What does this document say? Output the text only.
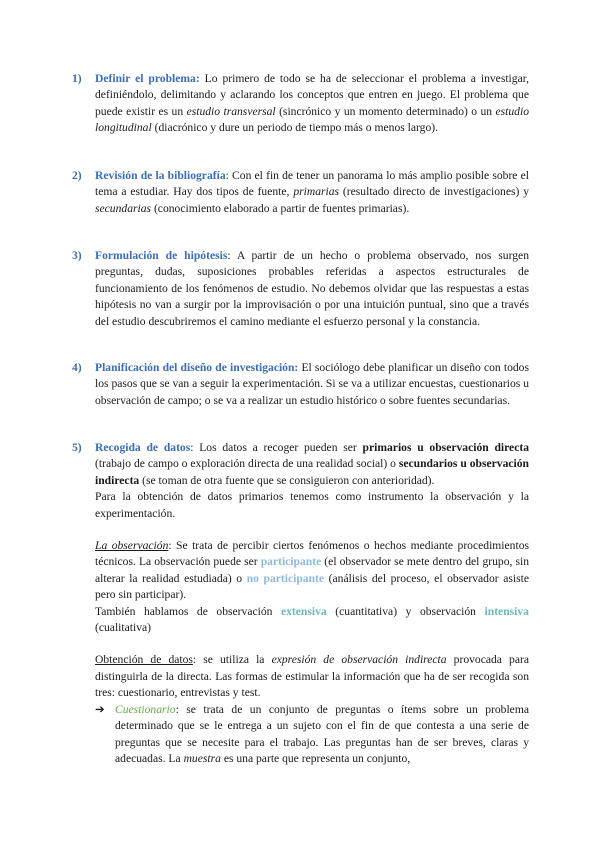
1) Definir el problema: Lo primero de todo se ha de seleccionar el problema a investigar, definiéndolo, delimitando y aclarando los conceptos que entren en juego. El problema que puede existir es un estudio transversal (sincrónico y un momento determinado) o un estudio longitudinal (diacrónico y dure un periodo de tiempo más o menos largo).

2) Revisión de la bibliografía: Con el fin de tener un panorama lo más amplio posible sobre el tema a estudiar. Hay dos tipos de fuente, primarias (resultado directo de investigaciones) y secundarias (conocimiento elaborado a partir de fuentes primarias).

3) Formulación de hipótesis: A partir de un hecho o problema observado, nos surgen preguntas, dudas, suposiciones probables referidas a aspectos estructurales de funcionamiento de los fenómenos de estudio. No debemos olvidar que las respuestas a estas hipótesis no van a surgir por la improvisación o por una intuición puntual, sino que a través del estudio descubriremos el camino mediante el esfuerzo personal y la constancia.

4) Planificación del diseño de investigación: El sociólogo debe planificar un diseño con todos los pasos que se van a seguir la experimentación. Si se va a utilizar encuestas, cuestionarios u observación de campo; o se va a realizar un estudio histórico o sobre fuentes secundarias.

5) Recogida de datos: Los datos a recoger pueden ser primarios u observación directa (trabajo de campo o exploración directa de una realidad social) o secundarios u observación indirecta (se toman de otra fuente que se consiguieron con anterioridad).

Para la obtención de datos primarios tenemos como instrumento la observación y la experimentación.

La observación: Se trata de percibir ciertos fenómenos o hechos mediante procedimientos técnicos. La observación puede ser participante (el observador se mete dentro del grupo, sin alterar la realidad estudiada) o no participante (análisis del proceso, el observador asiste pero sin participar).

También hablamos de observación extensiva (cuantitativa) y observación intensiva (cualitativa)

Obtención de datos: se utiliza la expresión de observación indirecta provocada para distinguirla de la directa. Las formas de estimular la información que ha de ser recogida son tres: cuestionario, entrevistas y test.

➔ Cuestionario: se trata de un conjunto de preguntas o ítems sobre un problema determinado que se le entrega a un sujeto con el fin de que contesta a una serie de preguntas que se necesite para el trabajo. Las preguntas han de ser breves, claras y adecuadas. La muestra es una parte que representa un conjunto,
